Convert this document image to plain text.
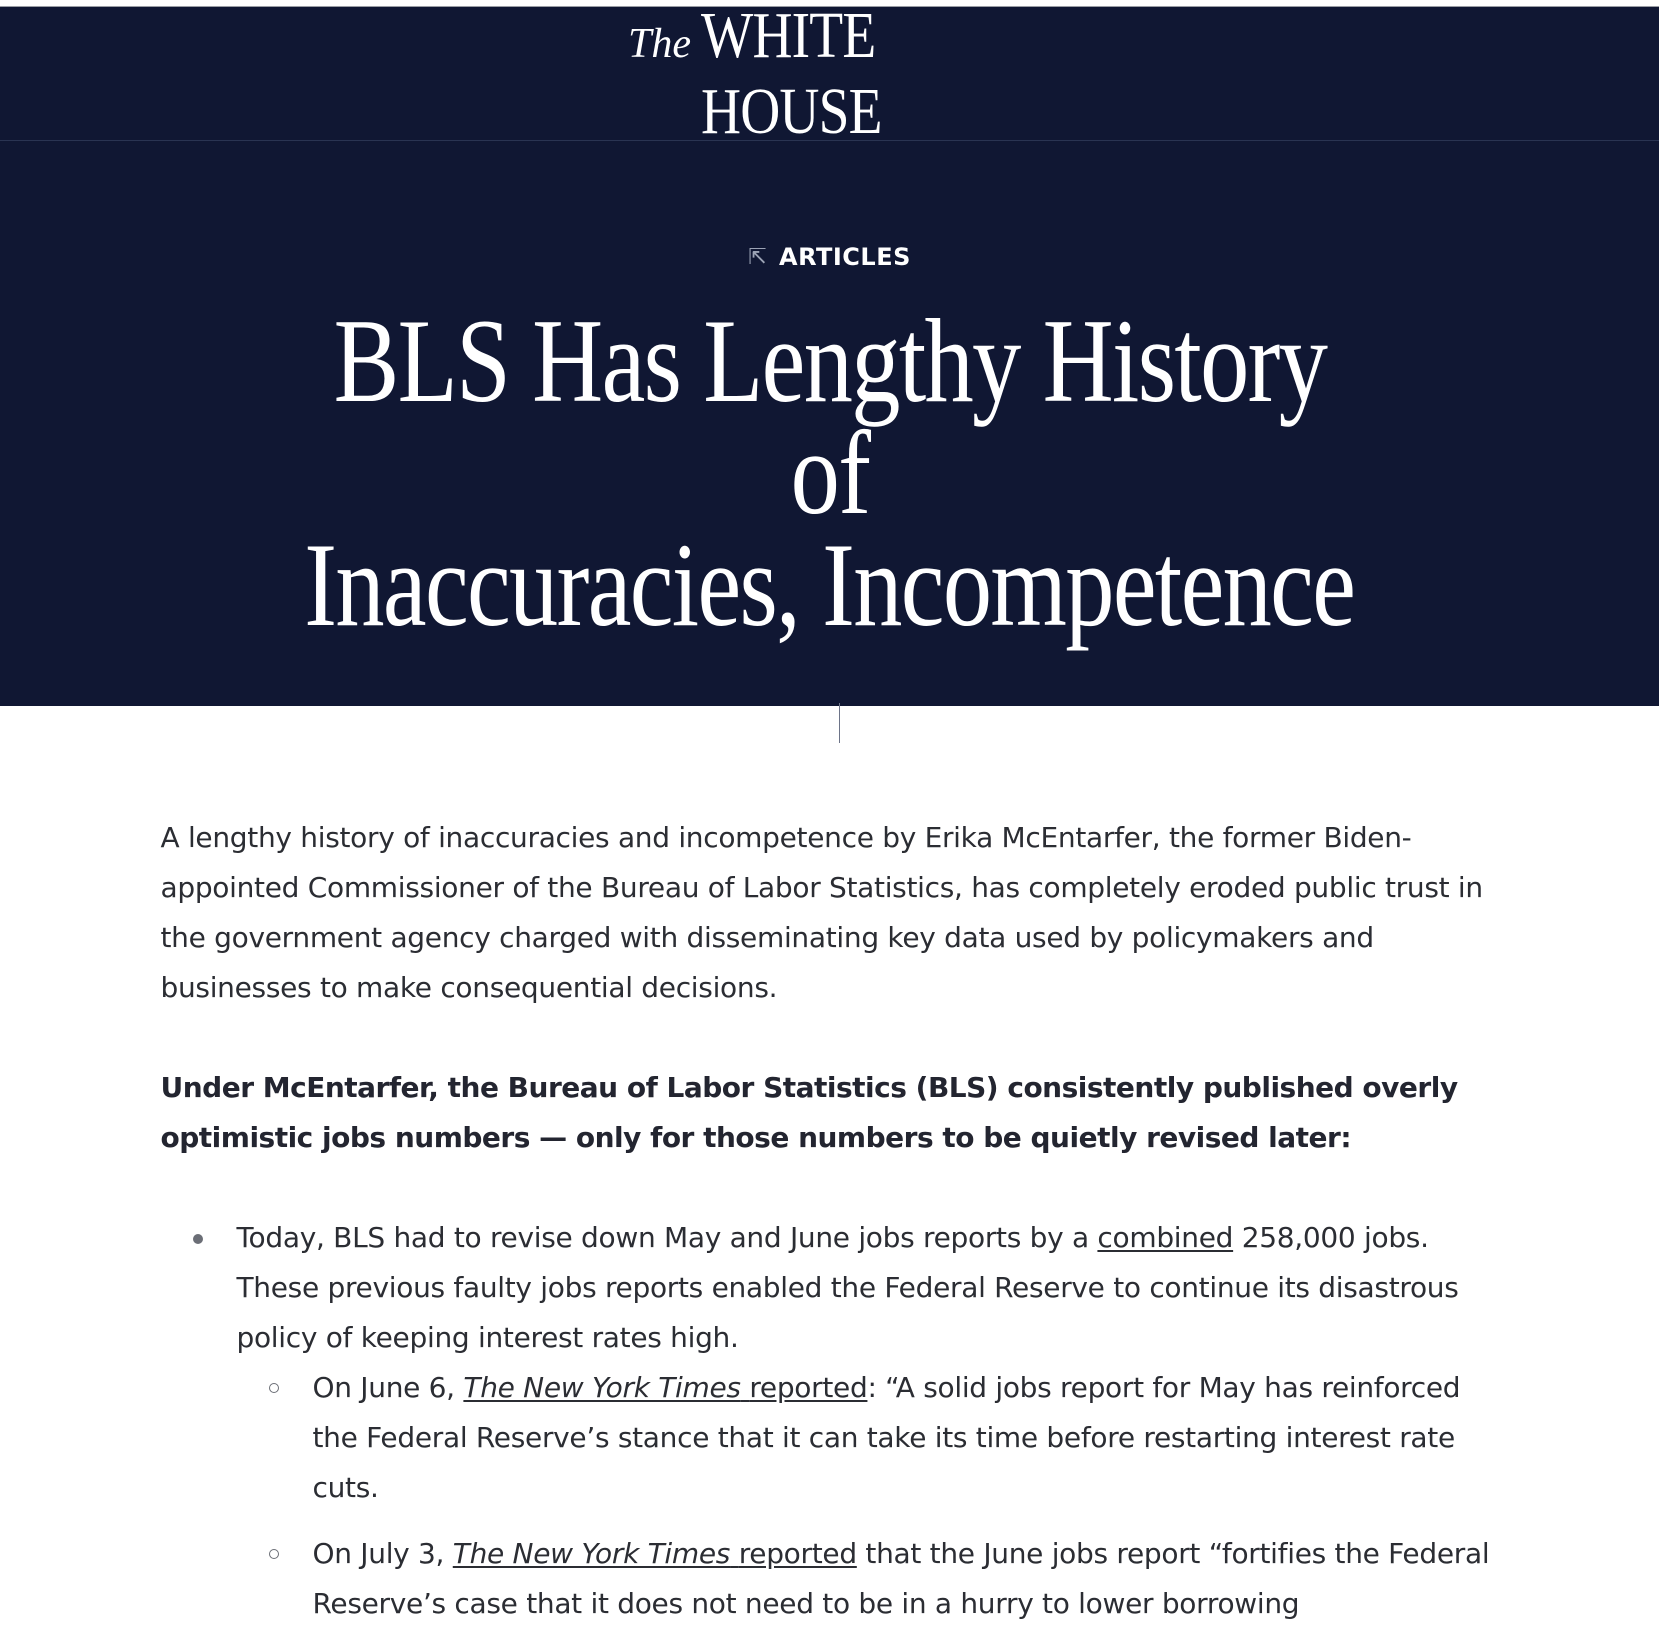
The WHITE HOUSE
⇱ ARTICLES
BLS Has Lengthy History of
Inaccuracies, Incompetence
The White House	August 1, 2025

A lengthy history of inaccuracies and incompetence by Erika McEntarfer, the former Biden-appointed Commissioner of the Bureau of Labor Statistics, has completely eroded public trust in the government agency charged with disseminating key data used by policymakers and businesses to make consequential decisions.

Under McEntarfer, the Bureau of Labor Statistics (BLS) consistently published overly optimistic jobs numbers — only for those numbers to be quietly revised later:

Today, BLS had to revise down May and June jobs reports by a combined 258,000 jobs. These previous faulty jobs reports enabled the Federal Reserve to continue its disastrous policy of keeping interest rates high.
On June 6, The New York Times reported: “A solid jobs report for May has reinforced the Federal Reserve’s stance that it can take its time before restarting interest rate cuts.
On July 3, The New York Times reported that the June jobs report “fortifies the Federal Reserve’s case that it does not need to be in a hurry to lower borrowing
